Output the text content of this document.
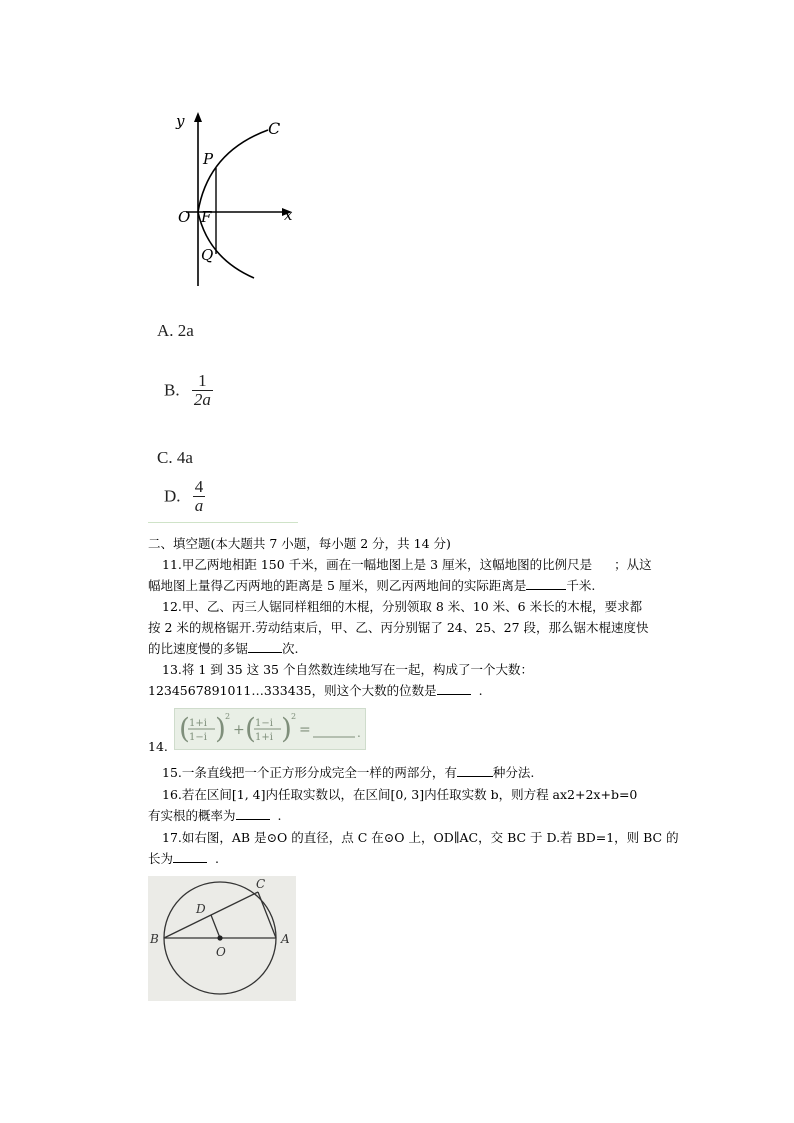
y
x
O F
P
Q
C
A. 2a
B. $\frac{1}{2a}$
C. 4a
D. $\frac{4}{a}$
二、填空题(本大题共 7 小题，每小题 2 分，共 14 分)
11.甲乙两地相距 150 千米，画在一幅地图上是 3 厘米，这幅地图的比例尺是 ；从这
幅地图上量得乙丙两地的距离是 5 厘米，则乙丙两地间的实际距离是	千米.
12.甲、乙、丙三人锯同样粗细的木棍，分别领取 8 米、10 米、6 米长的木棍，要求都
按 2 米的规格锯开.劳动结束后，甲、乙、丙分别锯了 24、25、27 段，那么锯木棍速度快
的比速度慢的多锯	次.
13.将 1 到 35 这 35 个自然数连续地写在一起，构成了一个大数：
1234567891011…333435，则这个大数的位数是	.
( 1+i
1−i ) 2
+ ( 1−i
1+i ) 2
=	.
14.
15.一条直线把一个正方形分成完全一样的两部分，有	种分法.
16.若在区间[1, 4]内任取实数以，在区间[0, 3]内任取实数 b，则方程 ax2+2x+b=0
有实根的概率为	.
17.如右图，AB 是⊙O 的直径，点 C 在⊙O 上，OD∥AC，交 BC 于 D.若 BD=1，则 BC 的
长为	.
B	A
C
D
O
